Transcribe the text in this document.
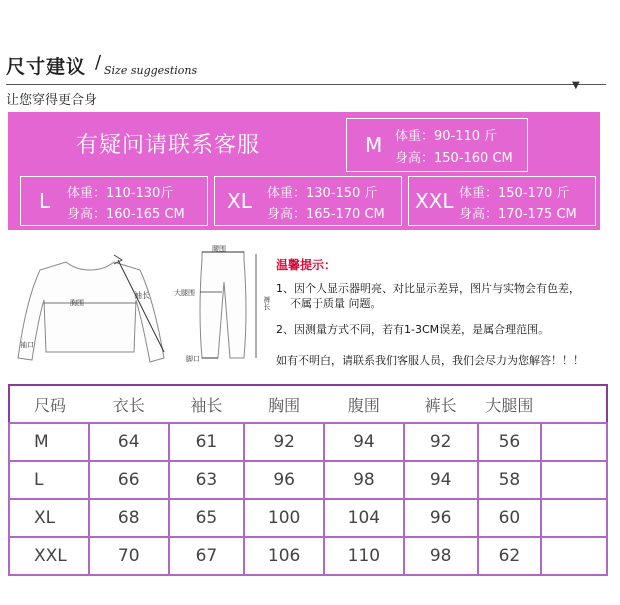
尺寸建议 / Size suggestions
▼
让您穿得更合身
有疑问请联系客服	M 体重：90-110 斤
身高：150-160 CM
L 体重：110-130斤
身高：160-165 CM
XL 体重：130-150 斤
身高：165-170 CM
XXL 体重：150-170 斤
身高：170-175 CM
胸围
袖长
袖口
腰围
大腿围
裤长
脚口
温馨提示：
1、因个人显示器明亮、对比显示差异，图片与实物会有色差，
不属于质量 问题。
2、因测量方式不同，若有1-3CM误差，是属合理范围。
如有不明白，请联系我们客服人员，我们会尽力为您解答！！！
尺码	衣长	袖长	胸围	腹围	裤长	大腿围	
M	64	61	92	94	92	56	
L	66	63	96	98	94	58	
XL	68	65	100	104	96	60	
XXL	70	67	106	110	98	62	
